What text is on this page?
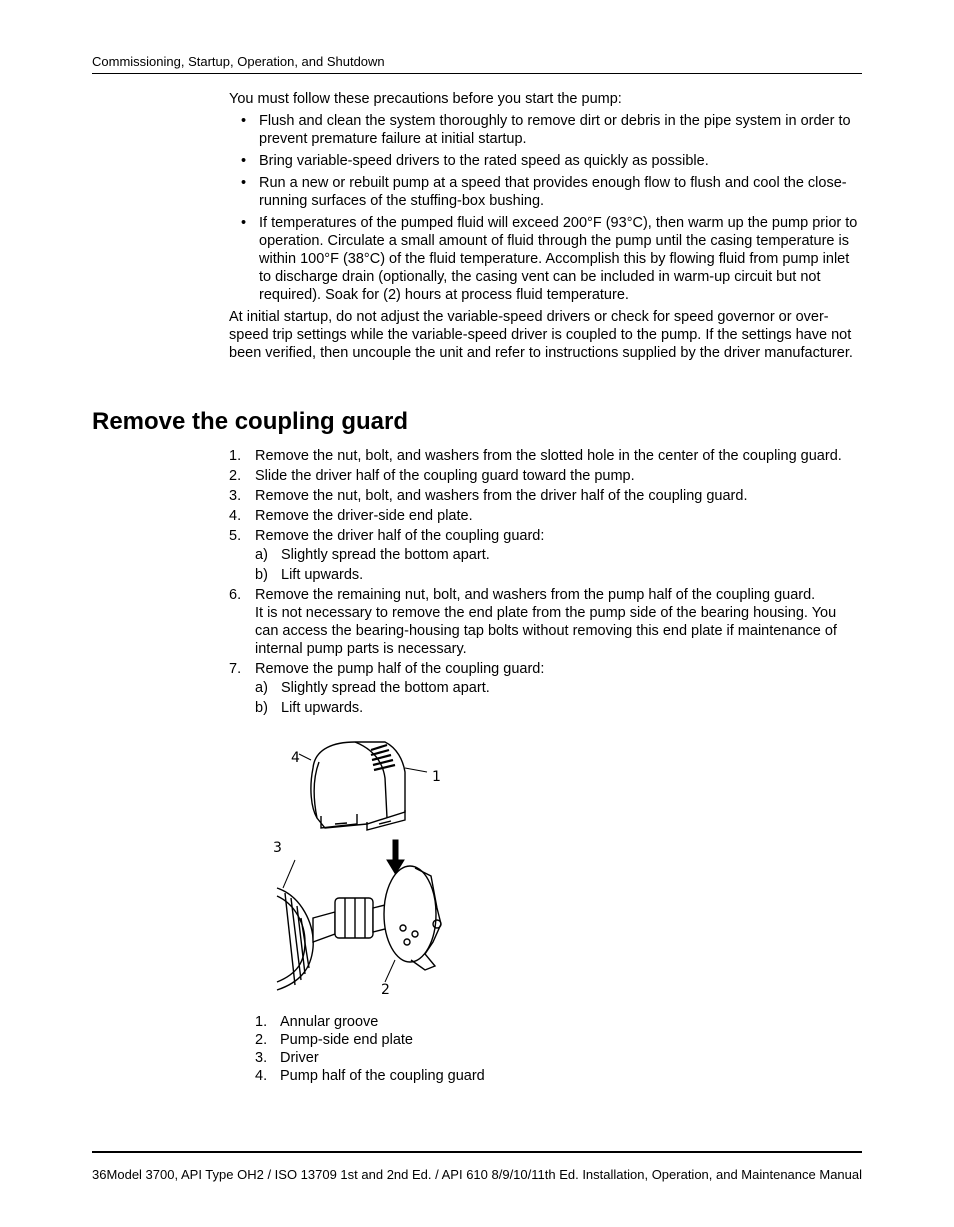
Commissioning, Startup, Operation, and Shutdown
You must follow these precautions before you start the pump:
• Flush and clean the system thoroughly to remove dirt or debris in the pipe system in order to prevent premature failure at initial startup.
• Bring variable-speed drivers to the rated speed as quickly as possible.
• Run a new or rebuilt pump at a speed that provides enough flow to flush and cool the close-running surfaces of the stuffing-box bushing.
• If temperatures of the pumped fluid will exceed 200°F (93°C), then warm up the pump prior to operation. Circulate a small amount of fluid through the pump until the casing temperature is within 100°F (38°C) of the fluid temperature. Accomplish this by flowing fluid from pump inlet to discharge drain (optionally, the casing vent can be included in warm-up circuit but not required). Soak for (2) hours at process fluid temperature.
At initial startup, do not adjust the variable-speed drivers or check for speed governor or over-speed trip settings while the variable-speed driver is coupled to the pump. If the settings have not been verified, then uncouple the unit and refer to instructions supplied by the driver manufacturer.
Remove the coupling guard
1. Remove the nut, bolt, and washers from the slotted hole in the center of the coupling guard.
2. Slide the driver half of the coupling guard toward the pump.
3. Remove the nut, bolt, and washers from the driver half of the coupling guard.
4. Remove the driver-side end plate.
5. Remove the driver half of the coupling guard:
a) Slightly spread the bottom apart.
b) Lift upwards.
6. Remove the remaining nut, bolt, and washers from the pump half of the coupling guard.
It is not necessary to remove the end plate from the pump side of the bearing housing. You can access the bearing-housing tap bolts without removing this end plate if maintenance of internal pump parts is necessary.
7. Remove the pump half of the coupling guard:
a) Slightly spread the bottom apart.
b) Lift upwards.
4
1
3
2
1. Annular groove
2. Pump-side end plate
3. Driver
4. Pump half of the coupling guard
36 Model 3700, API Type OH2 / ISO 13709 1st and 2nd Ed. / API 610 8/9/10/11th Ed. Installation, Operation, and Maintenance Manual
